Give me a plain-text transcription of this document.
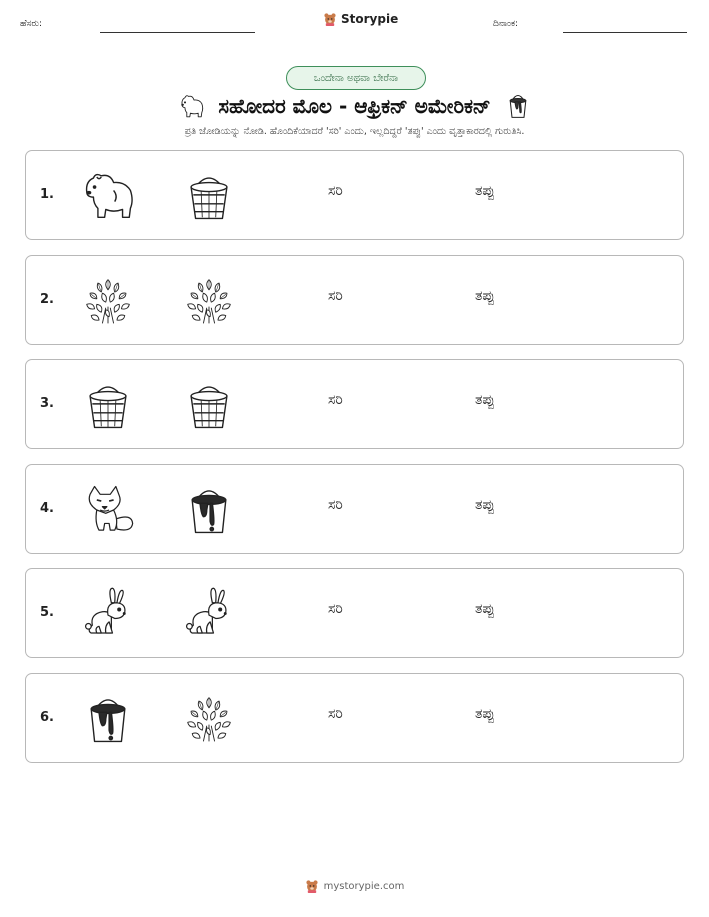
ಹೆಸರು:	Storypie	ದಿನಾಂಕ:
ಒಂದೇನಾ ಅಥವಾ ಬೇರೆನಾ
ಸಹೋದರ ಮೊಲ - ಆಫ್ರಿಕನ್ ಅಮೇರಿಕನ್
ಪ್ರತಿ ಜೋಡಿಯನ್ನು ನೋಡಿ. ಹೊಂದಿಕೆಯಾದರೆ 'ಸರಿ' ಎಂದು, ಇಲ್ಲದಿದ್ದರೆ 'ತಪ್ಪು' ಎಂದು ವೃತ್ತಾಕಾರದಲ್ಲಿ ಗುರುತಿಸಿ.
1.	ಸರಿ	ತಪ್ಪು
2.	ಸರಿ	ತಪ್ಪು
3.	ಸರಿ	ತಪ್ಪು
4.	ಸರಿ	ತಪ್ಪು
5.	ಸರಿ	ತಪ್ಪು
6.	ಸರಿ	ತಪ್ಪು
mystorypie.com
